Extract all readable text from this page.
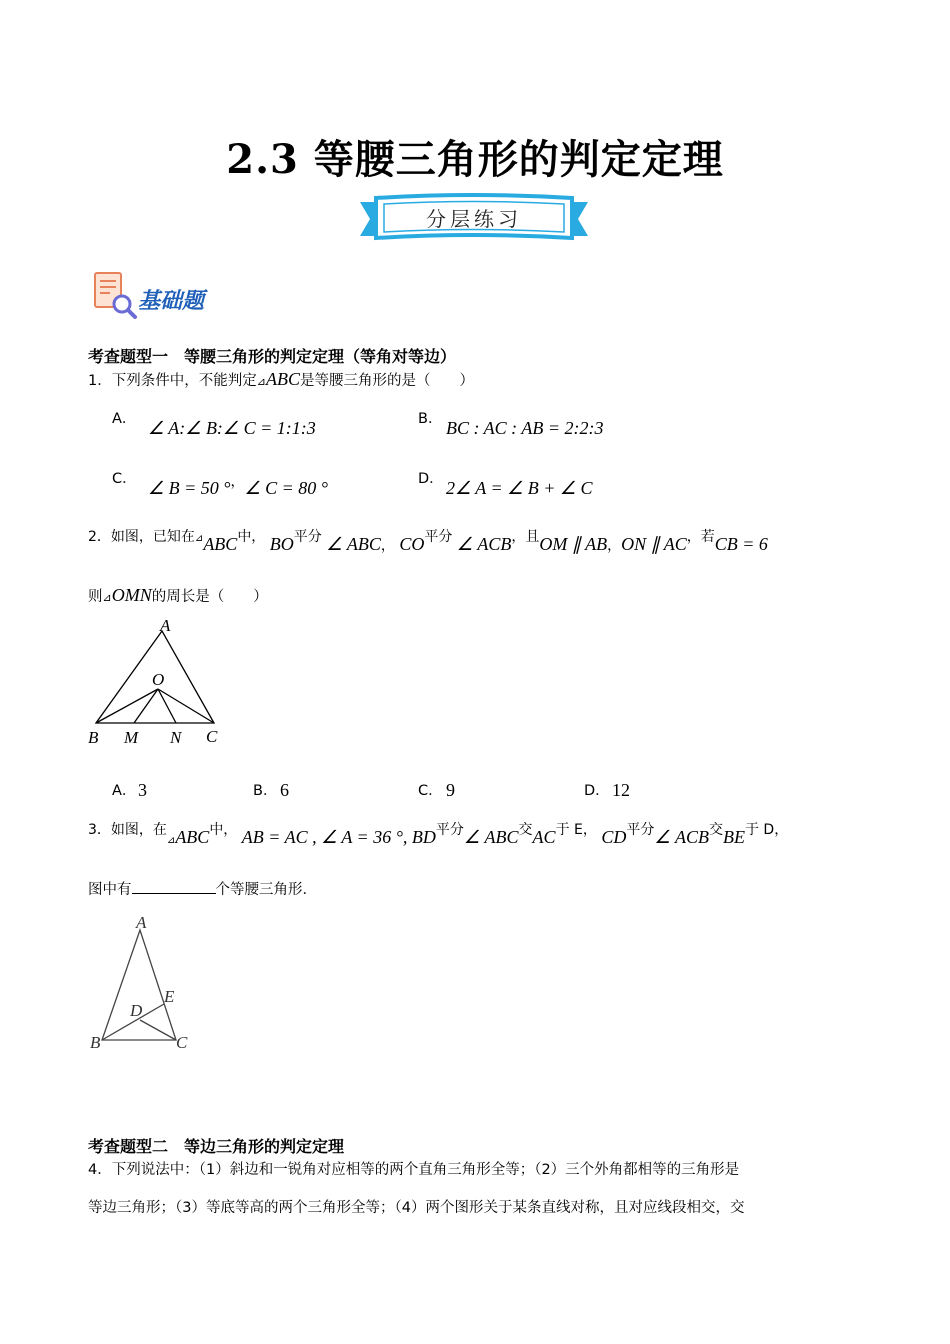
2.3 等腰三角形的判定定理
分层练习
基础题
考查题型一　等腰三角形的判定定理（等角对等边）
1．下列条件中，不能判定⊿ABC是等腰三角形的是（　　）
A． ∠ A:∠ B:∠ C = 1:1:3	B． BC : AC : AB = 2:2:3
C． ∠ B = 50 °，∠ C = 80 °	D． 2∠ A = ∠ B + ∠ C
2．如图，已知在⊿ABC中， BO平分 ∠ ABC， CO平分 ∠ ACB，且OM ∥ AB，ON ∥ AC，若CB = 6
则⊿OMN的周长是（　　）
A
O
B M N C
A． 3	B． 6	C． 9	D． 12
3．如图，在$_⊿$ABC中， AB = AC , ∠ A = 36 °, BD平分∠ ABC交AC于 E， CD平分∠ ACB交BE于 D，
图中有	个等腰三角形．
A
D
E
B	C
考查题型二　等边三角形的判定定理
4．下列说法中：（1）斜边和一锐角对应相等的两个直角三角形全等；（2）三个外角都相等的三角形是
等边三角形；（3）等底等高的两个三角形全等；（4）两个图形关于某条直线对称，且对应线段相交，交
